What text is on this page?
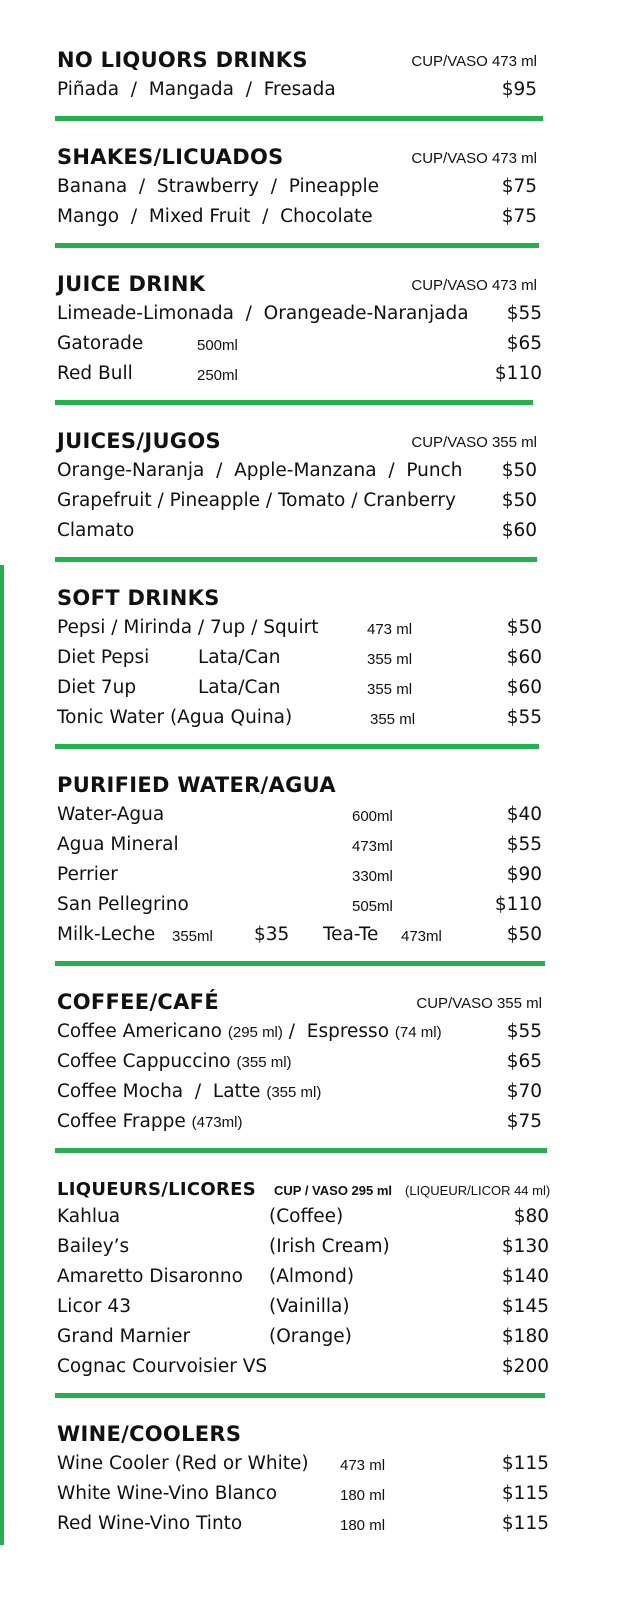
NO LIQUORS DRINKS	CUP/VASO 473 ml
Piñada  /  Mangada  /  Fresada	$95
SHAKES/LICUADOS	CUP/VASO 473 ml
Banana  /  Strawberry  /  Pineapple	$75
Mango  /  Mixed Fruit  /  Chocolate	$75
JUICE DRINK	CUP/VASO 473 ml
Limeade-Limonada  /  Orangeade-Naranjada $55
Gatorade	500ml	$65
Red Bull	250ml	$110
JUICES/JUGOS	CUP/VASO 355 ml
Orange-Naranja  /  Apple-Manzana  /  Punch $50
Grapefruit / Pineapple / Tomato / Cranberry $50
Clamato	$60
SOFT DRINKS
Pepsi / Mirinda / 7up / Squirt	473 ml	$50
Diet Pepsi	Lata/Can	355 ml	$60
Diet 7up	Lata/Can	355 ml	$60
Tonic Water (Agua Quina)	355 ml	$55
PURIFIED WATER/AGUA
Water-Agua	600ml	$40
Agua Mineral	473ml	$55
Perrier	330ml	$90
San Pellegrino	505ml	$110
Milk-Leche 355ml $35 Tea-Te 473ml	$50
COFFEE/CAFÉ	CUP/VASO 355 ml
Coffee Americano (295 ml) /  Espresso (74 ml)	$55
Coffee Cappuccino (355 ml)	$65
Coffee Mocha  /  Latte (355 ml)	$70
Coffee Frappe (473ml)	$75
LIQUEURS/LICORES CUP / VASO 295 ml (LIQUEUR/LICOR 44 ml)
Kahlua	(Coffee)	$80
Bailey’s	(Irish Cream)	$130
Amaretto Disaronno (Almond)	$140
Licor 43	(Vainilla)	$145
Grand Marnier	(Orange)	$180
Cognac Courvoisier VS	$200
WINE/COOLERS
Wine Cooler (Red or White) 473 ml	$115
White Wine-Vino Blanco	180 ml	$115
Red Wine-Vino Tinto	180 ml	$115
